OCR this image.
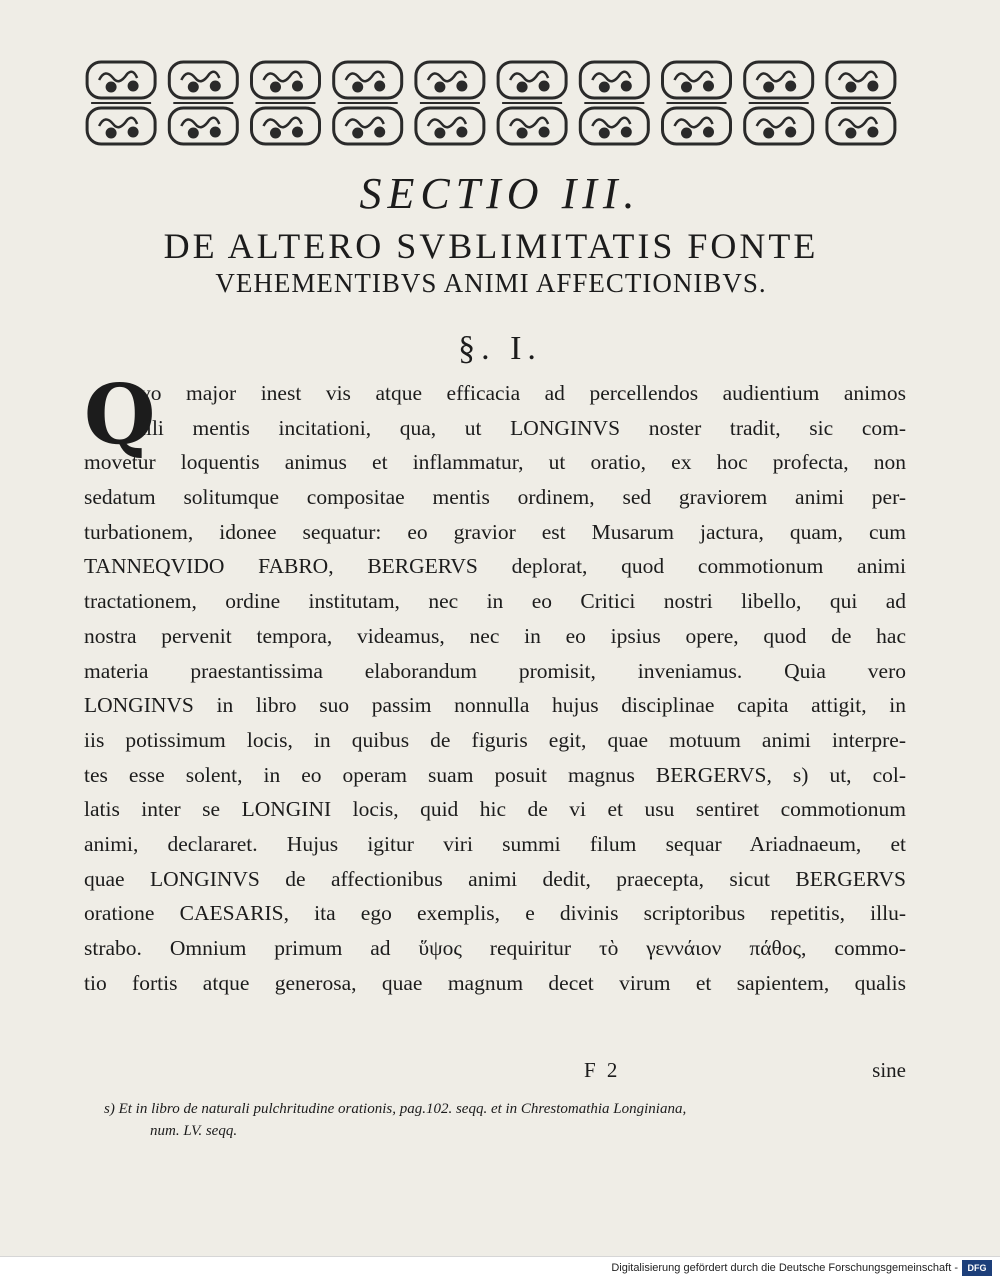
SECTIO III.
DE ALTERO SVBLIMITATIS FONTE
VEHEMENTIBVS ANIMI AFFECTIONIBVS.
§. I.
Q
vo major inest vis atque efficacia ad percellendos audientium animos
illi mentis incitationi, qua, ut LONGINVS noster tradit, sic com-
movetur loquentis animus et inflammatur, ut oratio, ex hoc profecta, non
sedatum solitumque compositae mentis ordinem, sed graviorem animi per-
turbationem, idonee sequatur: eo gravior est Musarum jactura, quam, cum
TANNEQVIDO FABRO, BERGERVS deplorat, quod commotionum animi
tractationem, ordine institutam, nec in eo Critici nostri libello, qui ad
nostra pervenit tempora, videamus, nec in eo ipsius opere, quod de hac
materia praestantissima elaborandum promisit, inveniamus. Quia vero
LONGINVS in libro suo passim nonnulla hujus disciplinae capita attigit, in
iis potissimum locis, in quibus de figuris egit, quae motuum animi interpre-
tes esse solent, in eo operam suam posuit magnus BERGERVS, s) ut, col-
latis inter se LONGINI locis, quid hic de vi et usu sentiret commotionum
animi, declararet. Hujus igitur viri summi filum sequar Ariadnaeum, et
quae LONGINVS de affectionibus animi dedit, praecepta, sicut BERGERVS
oratione CAESARIS, ita ego exemplis, e divinis scriptoribus repetitis, illu-
strabo. Omnium primum ad ὕψος requiritur τὸ γεννάιον πάθος, commo-
tio fortis atque generosa, quae magnum decet virum et sapientem, qualis
F 2	sine
s) Et in libro de naturali pulchritudine orationis, pag.102. seqq. et in Chrestomathia Longiniana,
num. LV. seqq.
Digitalisierung gefördert durch die Deutsche Forschungsgemeinschaft -	DFG
